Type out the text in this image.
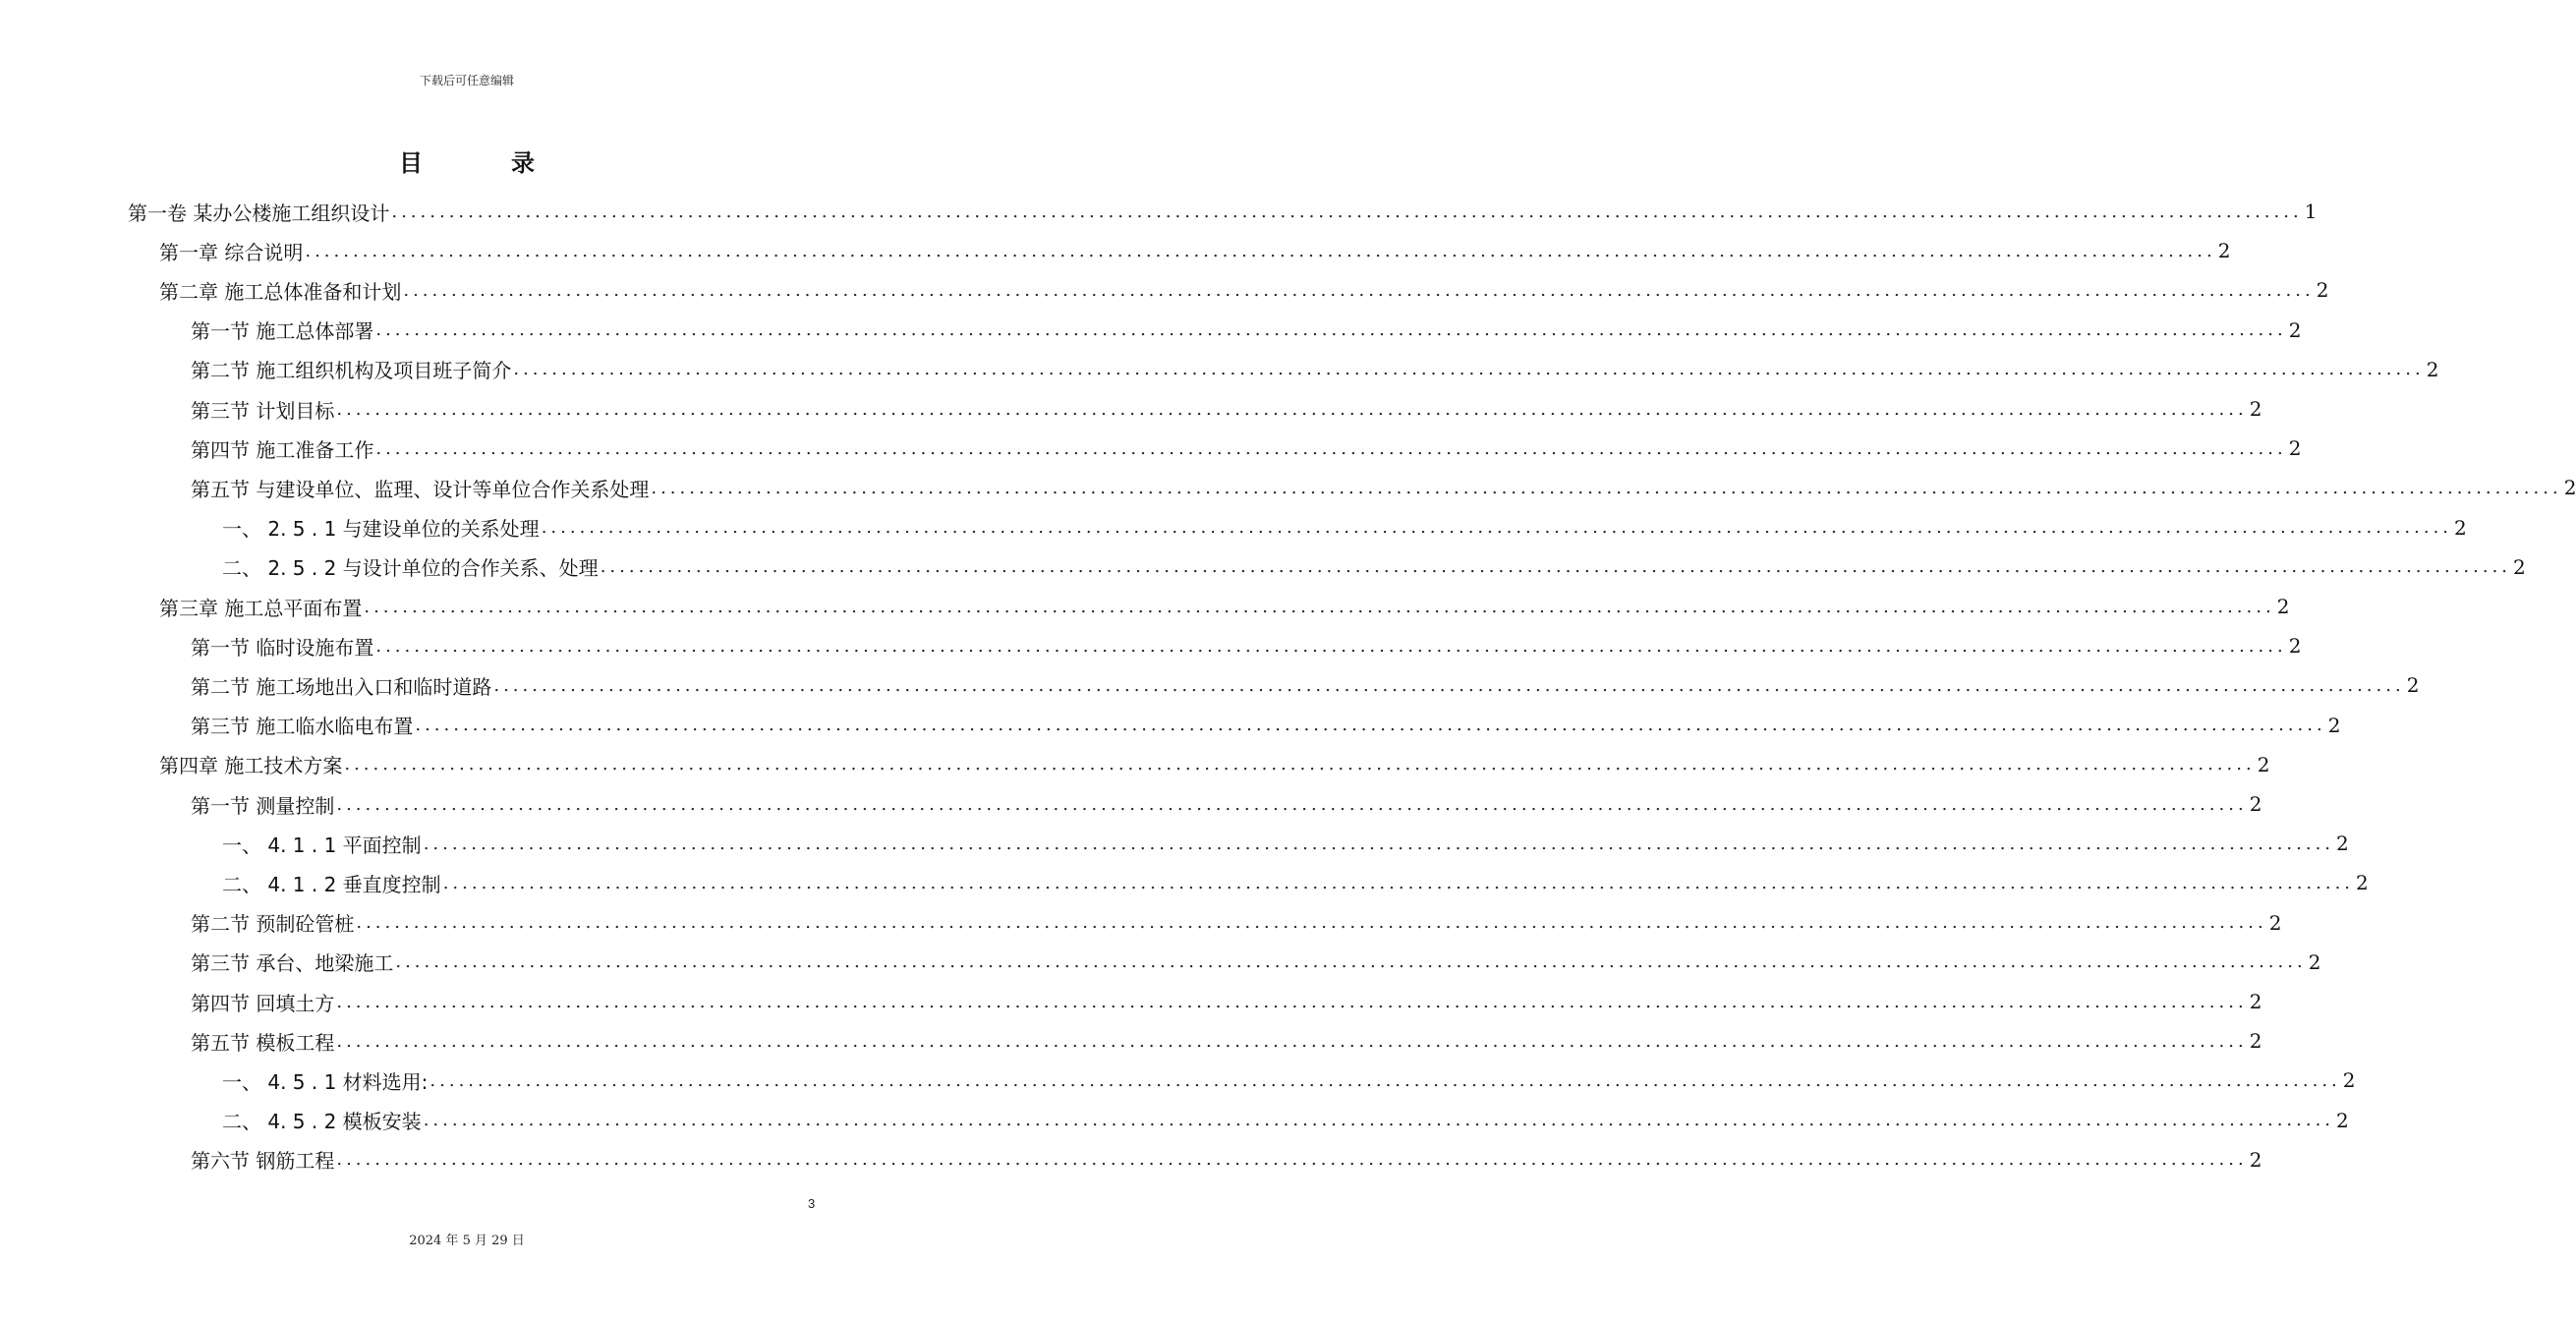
下载后可任意编辑
目录
第一卷 某办公楼施工组织设计 ........................................................................................................................................................................................................ 1
第一章 综合说明 ........................................................................................................................................................................................................ 2
第二章 施工总体准备和计划 ........................................................................................................................................................................................................ 2
第一节 施工总体部署 ........................................................................................................................................................................................................ 2
第二节 施工组织机构及项目班子简介 ........................................................................................................................................................................................................ 2
第三节 计划目标 ........................................................................................................................................................................................................ 2
第四节 施工准备工作 ........................................................................................................................................................................................................ 2
第五节 与建设单位、监理、设计等单位合作关系处理 ........................................................................................................................................................................................................ 2
一、 2. 5 . 1 与建设单位的关系处理 ........................................................................................................................................................................................................ 2
二、 2. 5 . 2 与设计单位的合作关系、处理 ........................................................................................................................................................................................................ 2
第三章 施工总平面布置 ........................................................................................................................................................................................................ 2
第一节 临时设施布置 ........................................................................................................................................................................................................ 2
第二节 施工场地出入口和临时道路 ........................................................................................................................................................................................................ 2
第三节 施工临水临电布置 ........................................................................................................................................................................................................ 2
第四章 施工技术方案 ........................................................................................................................................................................................................ 2
第一节 测量控制 ........................................................................................................................................................................................................ 2
一、 4. 1 . 1 平面控制 ........................................................................................................................................................................................................ 2
二、 4. 1 . 2 垂直度控制 ........................................................................................................................................................................................................ 2
第二节 预制砼管桩 ........................................................................................................................................................................................................ 2
第三节 承台、地梁施工 ........................................................................................................................................................................................................ 2
第四节 回填土方 ........................................................................................................................................................................................................ 2
第五节 模板工程 ........................................................................................................................................................................................................ 2
一、 4. 5 . 1 材料选用: ........................................................................................................................................................................................................ 2
二、 4. 5 . 2 模板安装 ........................................................................................................................................................................................................ 2
第六节 钢筋工程 ........................................................................................................................................................................................................ 2
3
2024 年 5 月 29 日
